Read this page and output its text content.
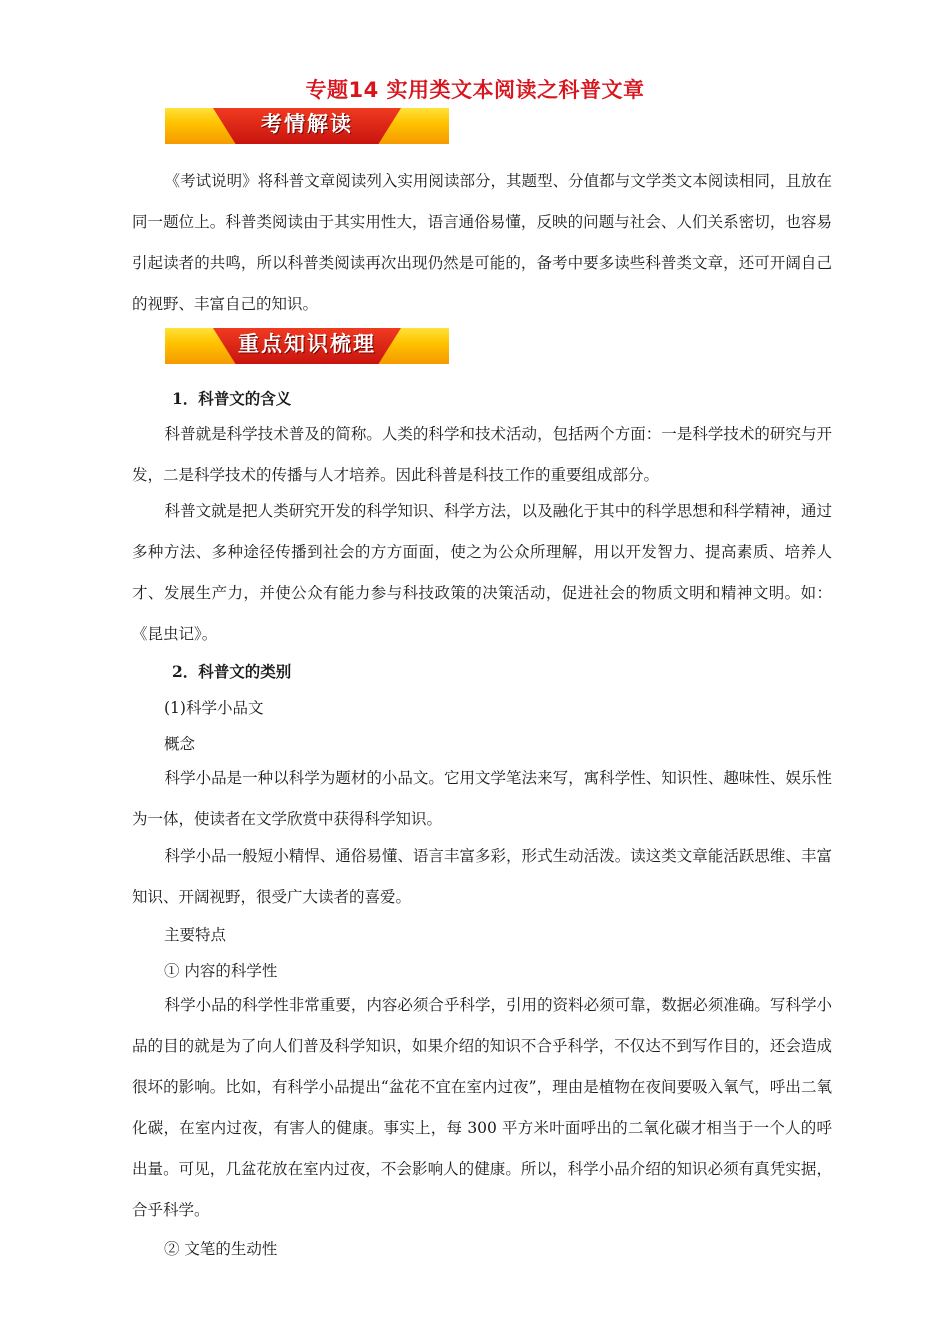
专题14 实用类文本阅读之科普文章
考情解读

《考试说明》将科普文章阅读列入实用阅读部分，其题型、分值都与文学类文本阅读相同，且放在同一题位上。科普类阅读由于其实用性大，语言通俗易懂，反映的问题与社会、人们关系密切，也容易引起读者的共鸣，所以科普类阅读再次出现仍然是可能的，备考中要多读些科普类文章，还可开阔自己的视野、丰富自己的知识。

重点知识梳理
1．科普文的含义

科普就是科学技术普及的简称。人类的科学和技术活动，包括两个方面：一是科学技术的研究与开发，二是科学技术的传播与人才培养。因此科普是科技工作的重要组成部分。

科普文就是把人类研究开发的科学知识、科学方法，以及融化于其中的科学思想和科学精神，通过多种方法、多种途径传播到社会的方方面面，使之为公众所理解，用以开发智力、提高素质、培养人才、发展生产力，并使公众有能力参与科技政策的决策活动，促进社会的物质文明和精神文明。如：《昆虫记》。

2．科普文的类别
(1)科学小品文
概念

科学小品是一种以科学为题材的小品文。它用文学笔法来写，寓科学性、知识性、趣味性、娱乐性为一体，使读者在文学欣赏中获得科学知识。

科学小品一般短小精悍、通俗易懂、语言丰富多彩，形式生动活泼。读这类文章能活跃思维、丰富知识、开阔视野，很受广大读者的喜爱。

主要特点
① 内容的科学性

科学小品的科学性非常重要，内容必须合乎科学，引用的资料必须可靠，数据必须准确。写科学小品的目的就是为了向人们普及科学知识，如果介绍的知识不合乎科学，不仅达不到写作目的，还会造成很坏的影响。比如，有科学小品提出“盆花不宜在室内过夜”，理由是植物在夜间要吸入氧气，呼出二氧化碳，在室内过夜，有害人的健康。事实上，每 300 平方米叶面呼出的二氧化碳才相当于一个人的呼出量。可见，几盆花放在室内过夜，不会影响人的健康。所以，科学小品介绍的知识必须有真凭实据，合乎科学。

② 文笔的生动性
